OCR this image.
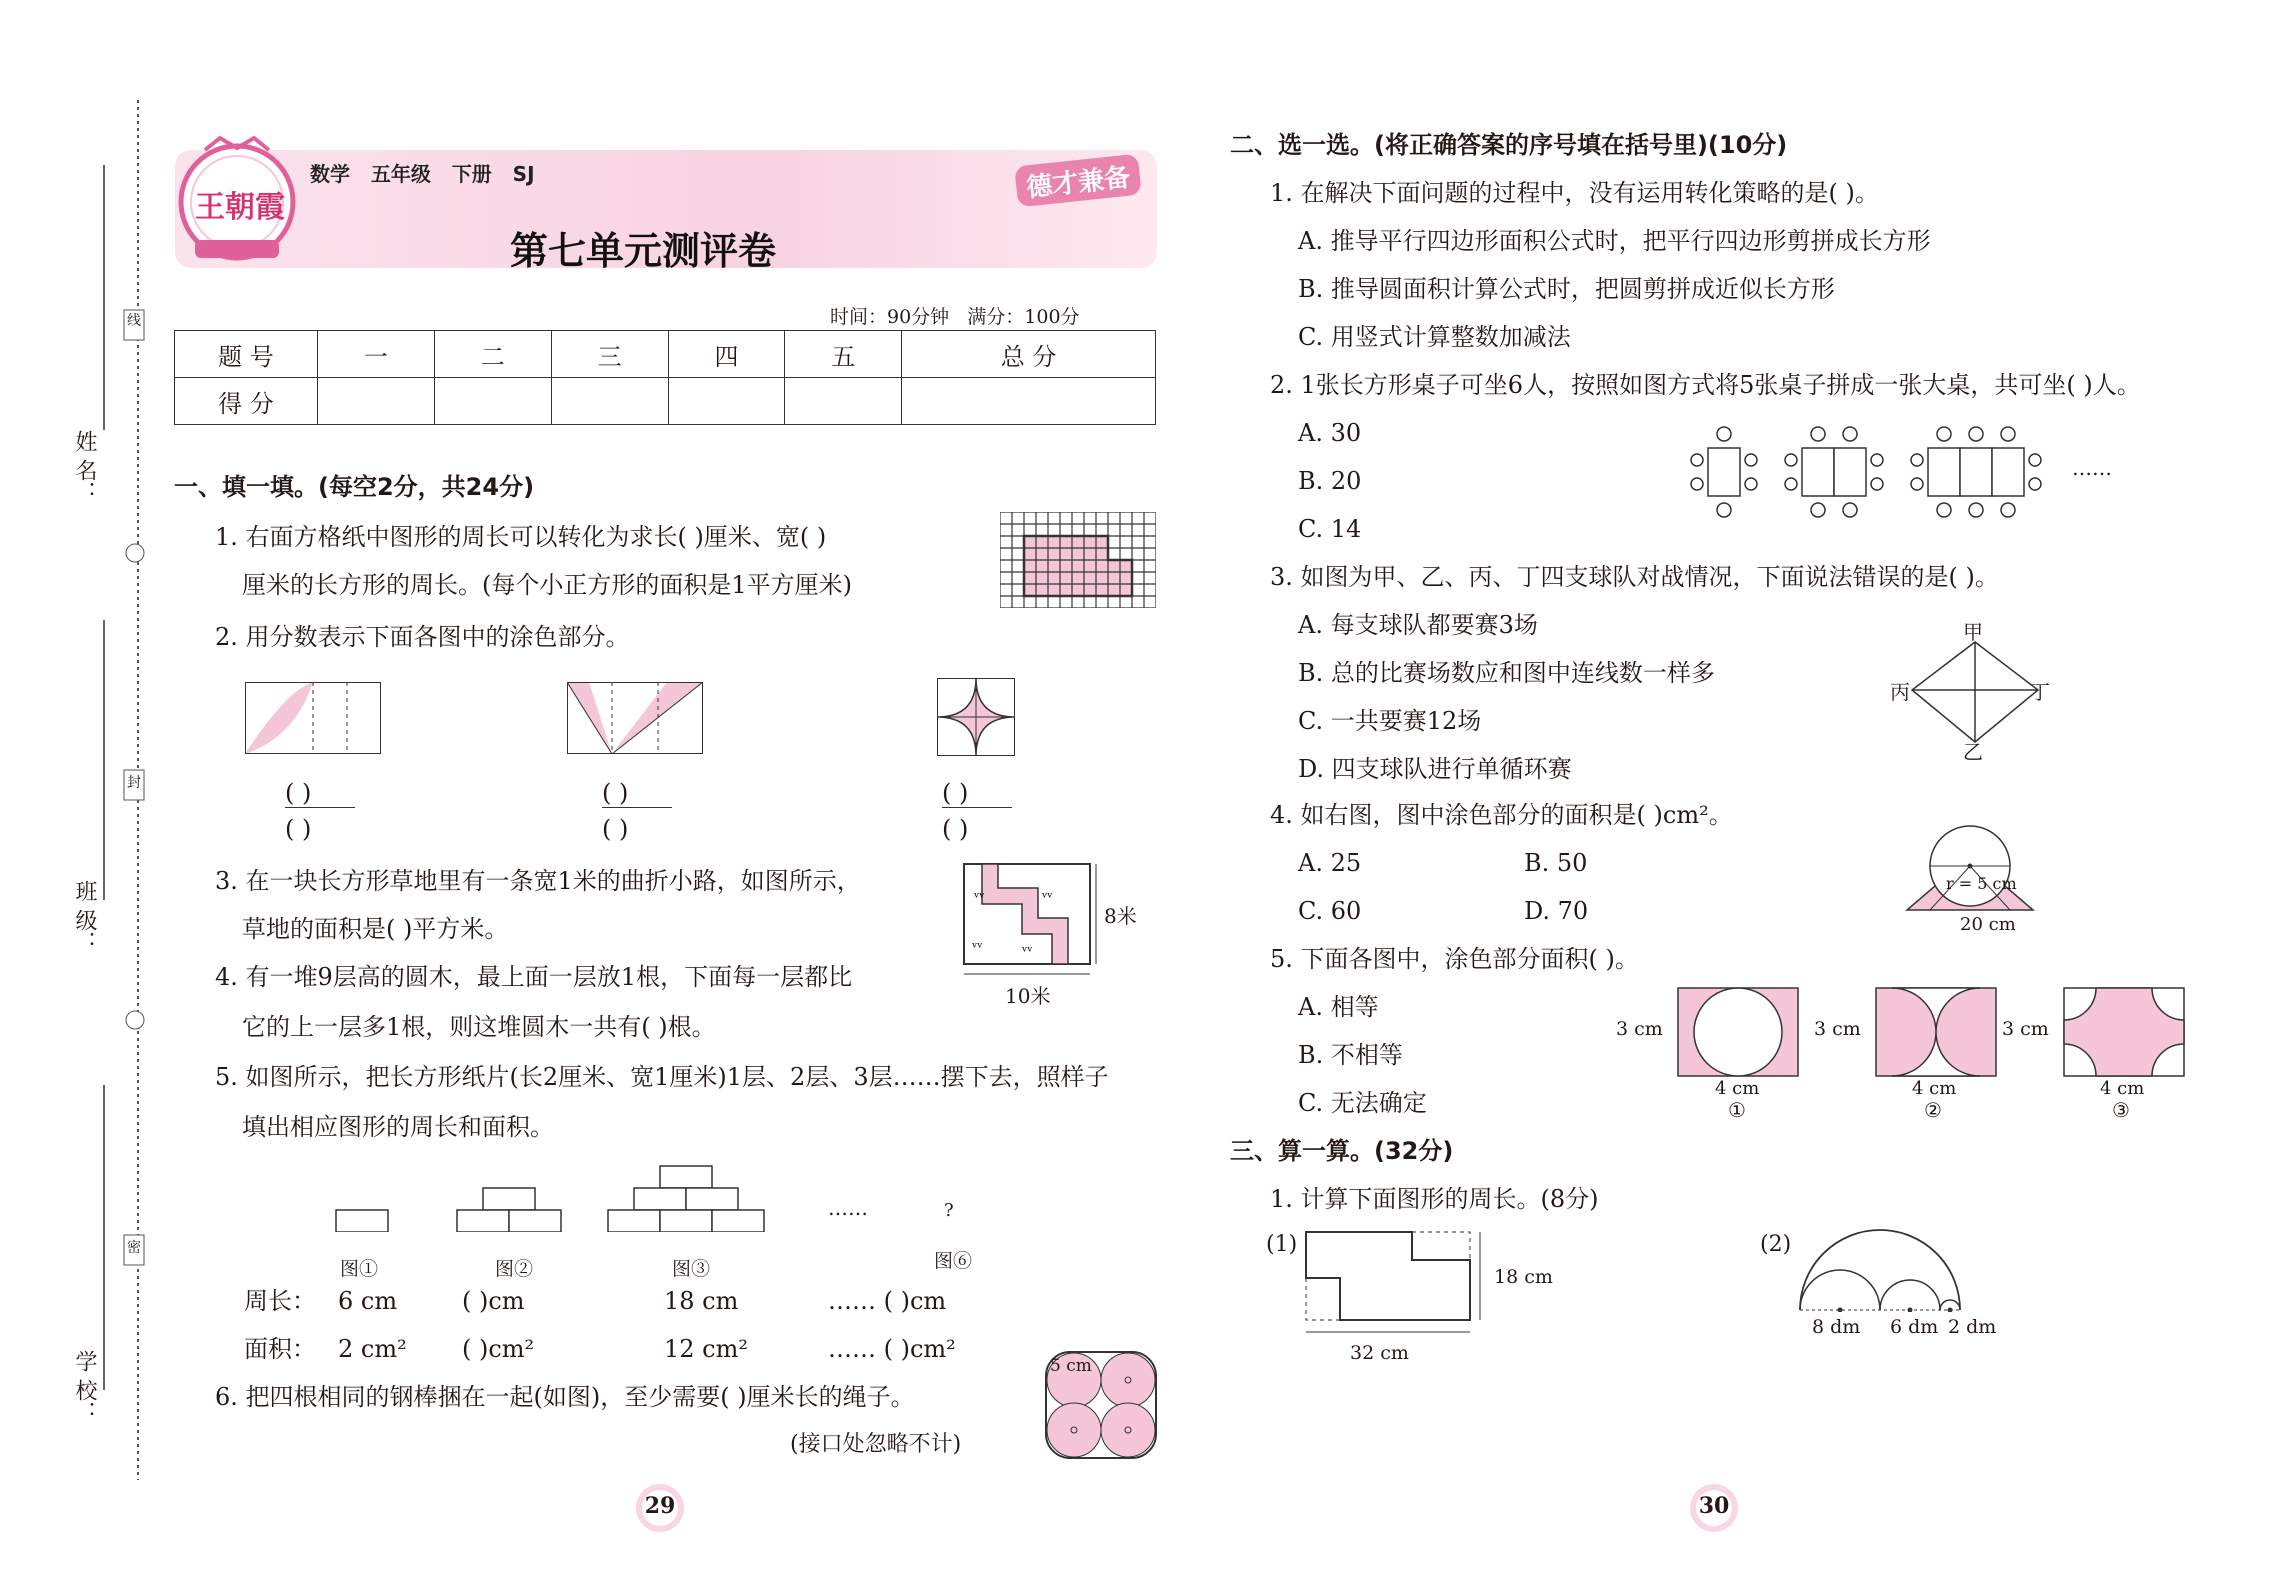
线
封
密
姓 名：
班 级：
学 校：
王朝霞
数学   五年级   下册   SJ
第七单元测评卷
德才兼备
时间：90分钟   满分：100分
题 号	一	二	三	四	五	总 分
得 分						
一、填一填。(每空2分，共24分)
1. 右面方格纸中图形的周长可以转化为求长( )厘米、宽( )
厘米的长方形的周长。(每个小正方形的面积是1平方厘米)
2. 用分数表示下面各图中的涂色部分。
( )
( )
( )
( )
( )
( )
3. 在一块长方形草地里有一条宽1米的曲折小路，如图所示，
草地的面积是( )平方米。
ᵛᵛ	ᵛᵛ
ᵛᵛ	ᵛᵛ
10米
8米
4. 有一堆9层高的圆木，最上面一层放1根，下面每一层都比
它的上一层多1根，则这堆圆木一共有( )根。
5. 如图所示，把长方形纸片(长2厘米、宽1厘米)1层、2层、3层……摆下去，照样子
填出相应图形的周长和面积。
……	?
图①	图②	图③	图⑥
周长： 6 cm	( )cm	18 cm	…… ( )cm
面积： 2 cm² ( )cm²	12 cm²	…… ( )cm²
6. 把四根相同的钢棒捆在一起(如图)，至少需要( )厘米长的绳子。
(接口处忽略不计)
5 cm
29
二、选一选。(将正确答案的序号填在括号里)(10分)
1. 在解决下面问题的过程中，没有运用转化策略的是( )。
A. 推导平行四边形面积公式时，把平行四边形剪拼成长方形
B. 推导圆面积计算公式时，把圆剪拼成近似长方形
C. 用竖式计算整数加减法
2. 1张长方形桌子可坐6人，按照如图方式将5张桌子拼成一张大桌，共可坐( )人。
A. 30
B. 20
C. 14
……
3. 如图为甲、乙、丙、丁四支球队对战情况，下面说法错误的是( )。
A. 每支球队都要赛3场
B. 总的比赛场数应和图中连线数一样多
C. 一共要赛12场
D. 四支球队进行单循环赛
甲
乙
丙	丁
4. 如右图，图中涂色部分的面积是( )cm²。
A. 25	B. 50
C. 60	D. 70
r = 5 cm
20 cm
5. 下面各图中，涂色部分面积( )。
A. 相等
B. 不相等
C. 无法确定
3 cm	3 cm	3 cm
4 cm	4 cm	4 cm
①	②	③
三、算一算。(32分)
1. 计算下面图形的周长。(8分)
(1)
18 cm
32 cm
(2)
8 dm 6 dm 2 dm
30
